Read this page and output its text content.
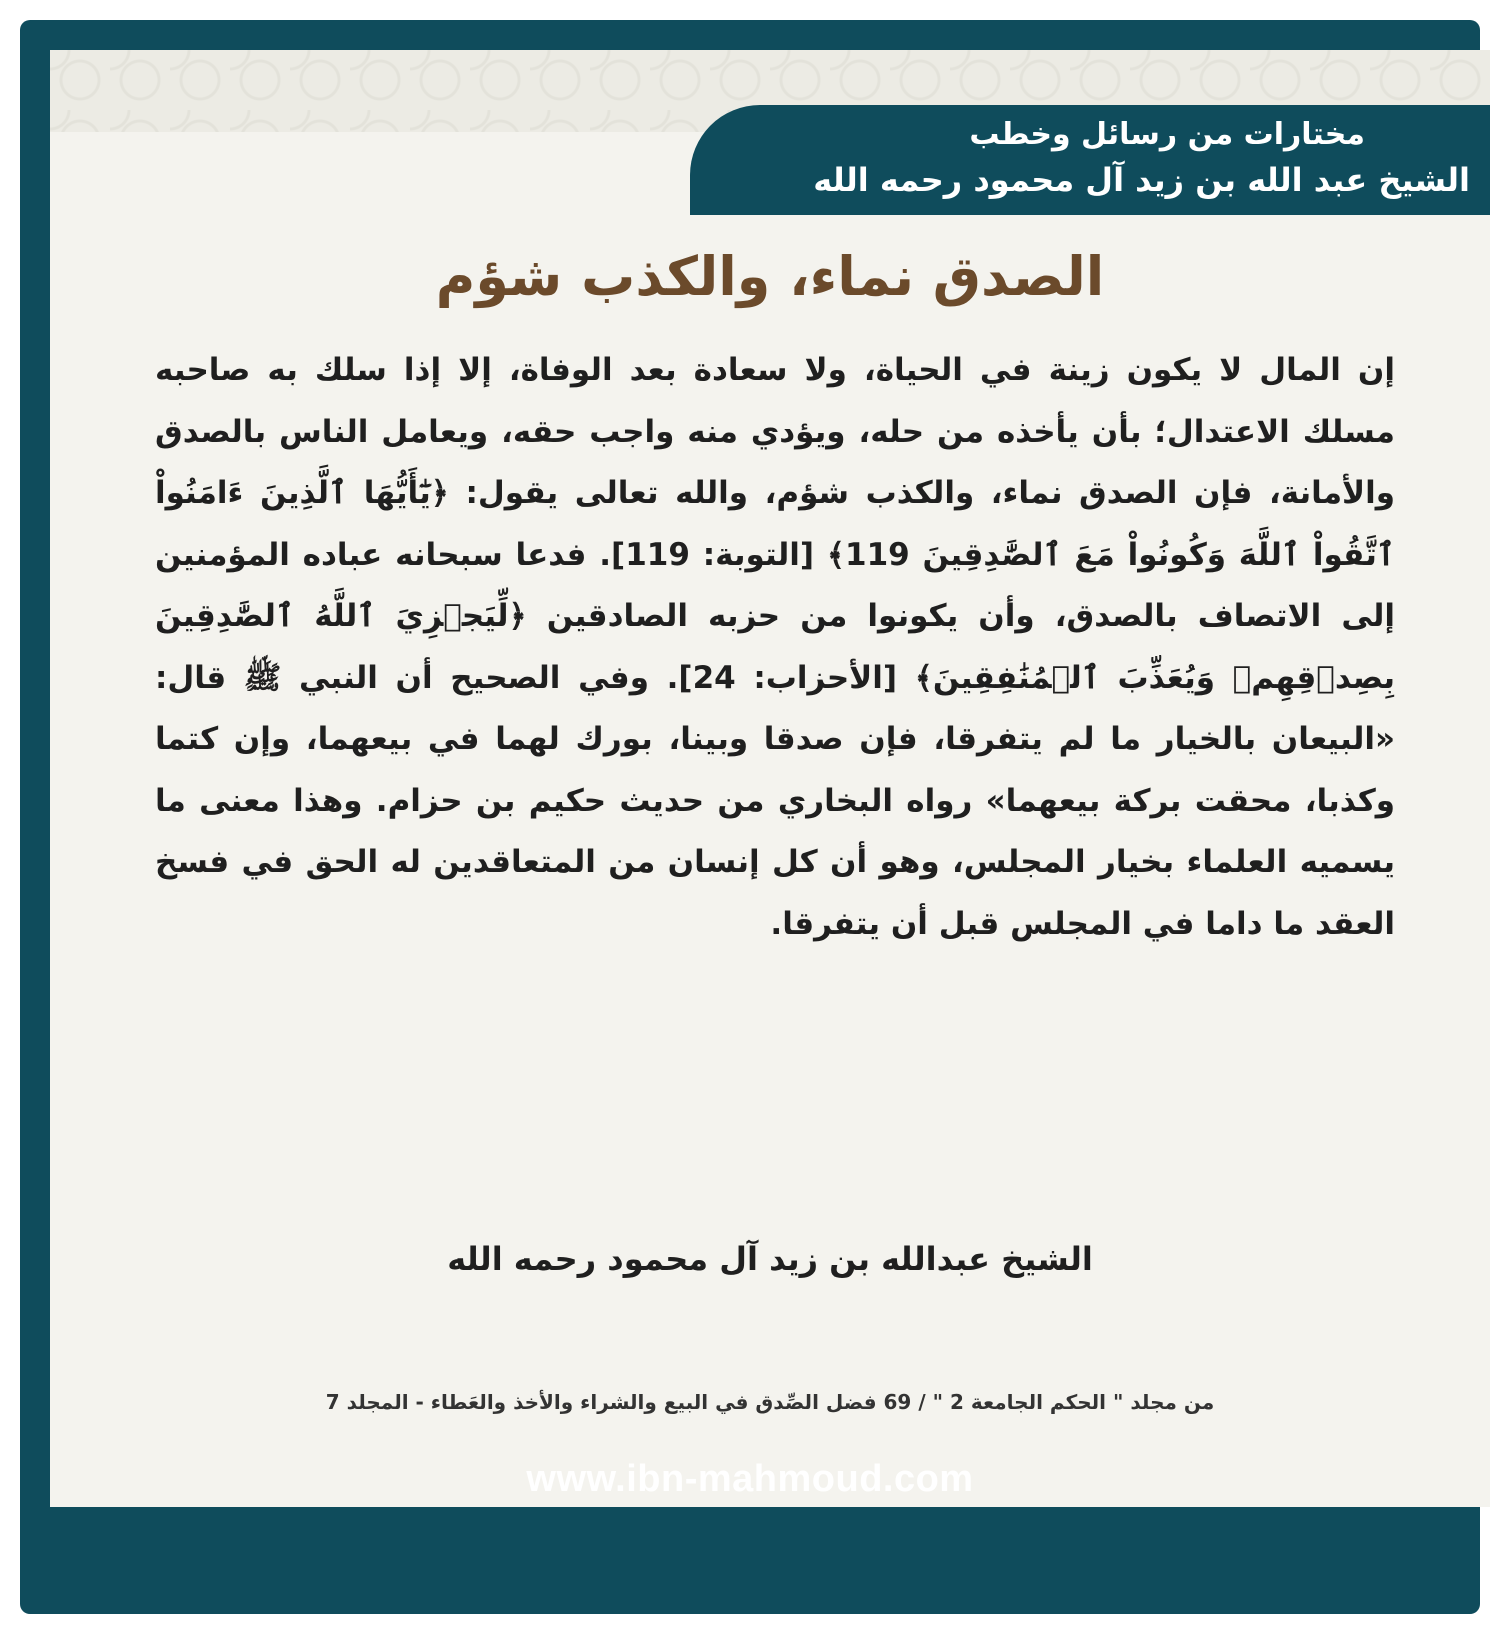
مختارات من رسائل وخطب
الشيخ عبد الله بن زيد آل محمود رحمه الله
الصدق نماء، والكذب شؤم
إن المال لا يكون زينة في الحياة، ولا سعادة بعد الوفاة، إلا إذا سلك به صاحبه مسلك الاعتدال؛ بأن يأخذه من حله، ويؤدي منه واجب حقه، ويعامل الناس بالصدق والأمانة، فإن الصدق نماء، والكذب شؤم، والله تعالى يقول: ﴿يَٰٓأَيُّهَا ٱلَّذِينَ ءَامَنُواْ ٱتَّقُواْ ٱللَّهَ وَكُونُواْ مَعَ ٱلصَّٰدِقِينَ 119﴾ [التوبة: 119]. فدعا سبحانه عباده المؤمنين إلى الاتصاف بالصدق، وأن يكونوا من حزبه الصادقين ﴿لِّيَجۡزِيَ ٱللَّهُ ٱلصَّٰدِقِينَ بِصِدۡقِهِمۡ وَيُعَذِّبَ ٱلۡمُنَٰفِقِينَ﴾ [الأحزاب: 24]. وفي الصحيح أن النبي ﷺ قال: «البيعان بالخيار ما لم يتفرقا، فإن صدقا وبينا، بورك لهما في بيعهما، وإن كتما وكذبا، محقت بركة بيعهما» رواه البخاري من حديث حكيم بن حزام. وهذا معنى ما يسميه العلماء بخيار المجلس، وهو أن كل إنسان من المتعاقدين له الحق في فسخ العقد ما داما في المجلس قبل أن يتفرقا.
الشيخ عبدالله بن زيد آل محمود رحمه الله
من مجلد " الحكم الجامعة 2 " / 69 فضل الصِّدق في البيع والشراء والأخذ والعَطاء - المجلد 7
www.ibn-mahmoud.com
